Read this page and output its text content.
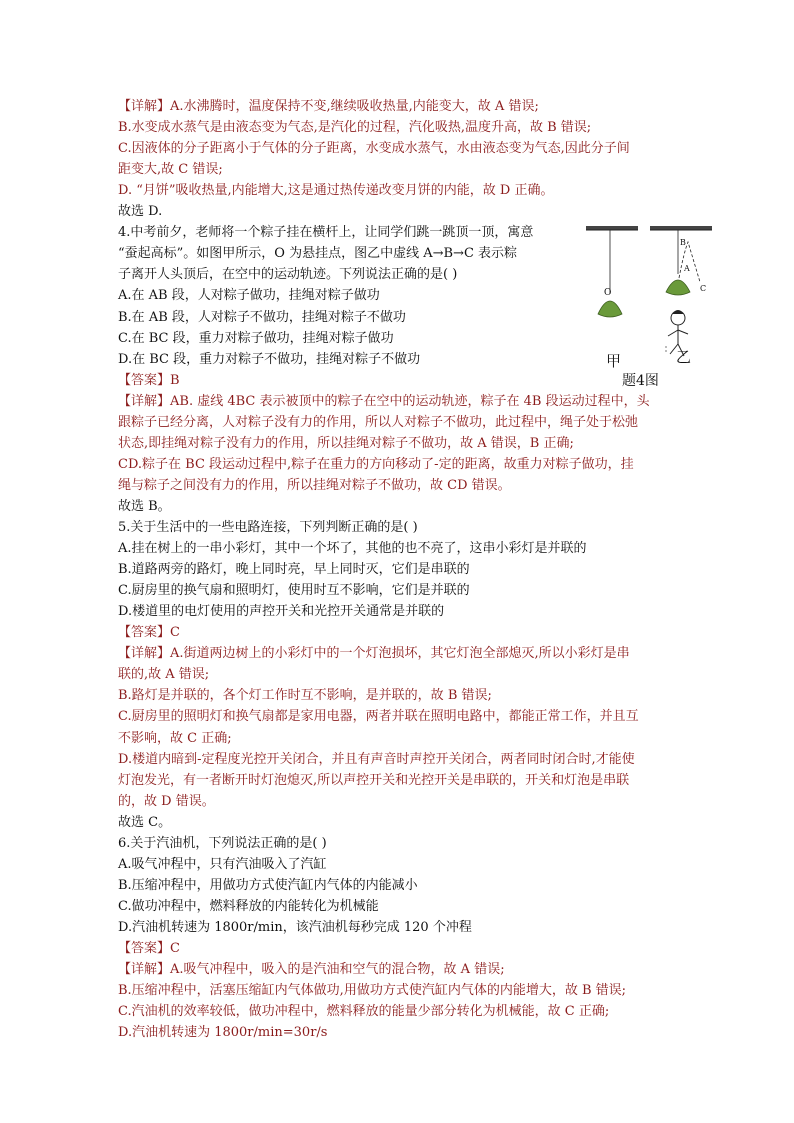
【详解】A.水沸腾时，温度保持不变,继续吸收热量,内能变大，故 A 错误;
B.水变成水蒸气是由液态变为气态,是汽化的过程，汽化吸热,温度升高，故 B 错误;
C.因液体的分子距离小于气体的分子距离，水变成水蒸气，水由液态变为气态,因此分子间
距变大,故 C 错误;
D. “月饼”吸收热量,内能增大,这是通过热传递改变月饼的内能，故 D 正确。
故选 D.
4.中考前夕，老师将一个粽子挂在横杆上，让同学们跳一跳顶一顶，寓意
“蚕起高标”。如图甲所示，O 为悬挂点，图乙中虚线 A→B→C 表示粽
子离开人头顶后，在空中的运动轨迹。下列说法正确的是( )
A.在 AB 段，人对粽子做功，挂绳对粽子做功
B.在 AB 段，人对粽子不做功，挂绳对粽子不做功
C.在 BC 段，重力对粽子做功，挂绳对粽子做功
D.在 BC 段，重力对粽子不做功，挂绳对粽子不做功
【答案】B
【详解】AB. 虚线 4BC 表示被顶中的粽子在空中的运动轨迹，粽子在 4B 段运动过程中，头
跟粽子已经分离，人对粽子没有力的作用，所以人对粽子不做功，此过程中，绳子处于松弛
状态,即挂绳对粽子没有力的作用，所以挂绳对粽子不做功，故 A 错误，B 正确;
CD.粽子在 BC 段运动过程中,粽子在重力的方向移动了-定的距离，故重力对粽子做功，挂
绳与粽子之间没有力的作用，所以挂绳对粽子不做功，故 CD 错误。
故选 B。
5.关于生活中的一些电路连接，下列判断正确的是( )
A.挂在树上的一串小彩灯，其中一个坏了，其他的也不亮了，这串小彩灯是并联的
B.道路两旁的路灯，晚上同时亮，早上同时灭，它们是串联的
C.厨房里的换气扇和照明灯，使用时互不影响，它们是并联的
D.楼道里的电灯使用的声控开关和光控开关通常是并联的
【答案】C
【详解】A.街道两边树上的小彩灯中的一个灯泡损坏，其它灯泡全部熄灭,所以小彩灯是串
联的,故 A 错误;
B.路灯是并联的，各个灯工作时互不影响，是并联的，故 B 错误;
C.厨房里的照明灯和换气扇都是家用电器，两者并联在照明电路中，都能正常工作，并且互
不影响，故 C 正确;
D.楼道内暗到-定程度光控开关闭合，并且有声音时声控开关闭合，两者同时闭合时,才能使
灯泡发光，有一者断开时灯泡熄灭,所以声控开关和光控开关是串联的，开关和灯泡是串联
的，故 D 错误。
故选 C。
6.关于汽油机，下列说法正确的是( )
A.吸气冲程中，只有汽油吸入了汽缸
B.压缩冲程中，用做功方式使汽缸内气体的内能减小
C.做功冲程中，燃料释放的内能转化为机械能
D.汽油机转速为 1800r/min，该汽油机每秒完成 120 个冲程
【答案】C
【详解】A.吸气冲程中，吸入的是汽油和空气的混合物，故 A 错误;
B.压缩冲程中，活塞压缩缸内气体做功,用做功方式使汽缸内气体的内能增大，故 B 错误;
C.汽油机的效率较低，做功冲程中，燃料释放的能量少部分转化为机械能，故 C 正确;
D.汽油机转速为 1800r/min=30r/s
O
B
A
C
甲	乙
题4图
